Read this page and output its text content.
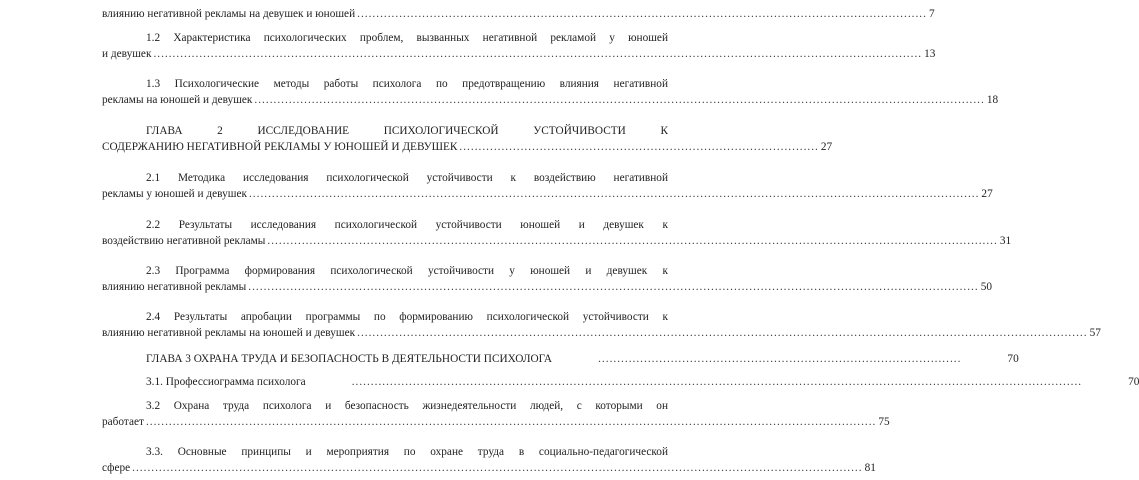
влиянию негативной рекламы на девушек и юношей ..................................................................................................................................................... 7
1.2 Характеристика психологических проблем, вызванных негативной рекламой у юношей
и девушек ......................................................................................................................................................................................................... 13
1.3 Психологические методы работы психолога по предотвращению влияния негативной
рекламы на юношей и девушек ............................................................................................................................................................................................... 18
ГЛАВА 2 ИССЛЕДОВАНИЕ ПСИХОЛОГИЧЕСКОЙ УСТОЙЧИВОСТИ К
СОДЕРЖАНИЮ НЕГАТИВНОЙ РЕКЛАМЫ У ЮНОШЕЙ И ДЕВУШЕК .............................................................................................. 27
2.1 Методика исследования психологической устойчивости к воздействию негативной
рекламы у юношей и девушек ............................................................................................................................................................................................... 27
2.2 Результаты исследования психологической устойчивости юношей и девушек к
воздействию негативной рекламы ............................................................................................................................................................................................... 31
2.3 Программа формирования психологической устойчивости у юношей и девушек к
влиянию негативной рекламы ............................................................................................................................................................................................... 50
2.4 Результаты апробации программы по формированию психологической устойчивости к
влиянию негативной рекламы на юношей и девушек ............................................................................................................................................................................................... 57
ГЛАВА 3 ОХРАНА ТРУДА И БЕЗОПАСНОСТЬ В ДЕЯТЕЛЬНОСТИ ПСИХОЛОГА	...............................................................................................	70
3.1. Профессиограмма психолога	...............................................................................................................................................................................................	70
3.2 Охрана труда психолога и безопасность жизнедеятельности людей, с которыми он
работает ............................................................................................................................................................................................... 75
3.3. Основные принципы и мероприятия по охране труда в социально-педагогической
сфере ............................................................................................................................................................................................... 81
